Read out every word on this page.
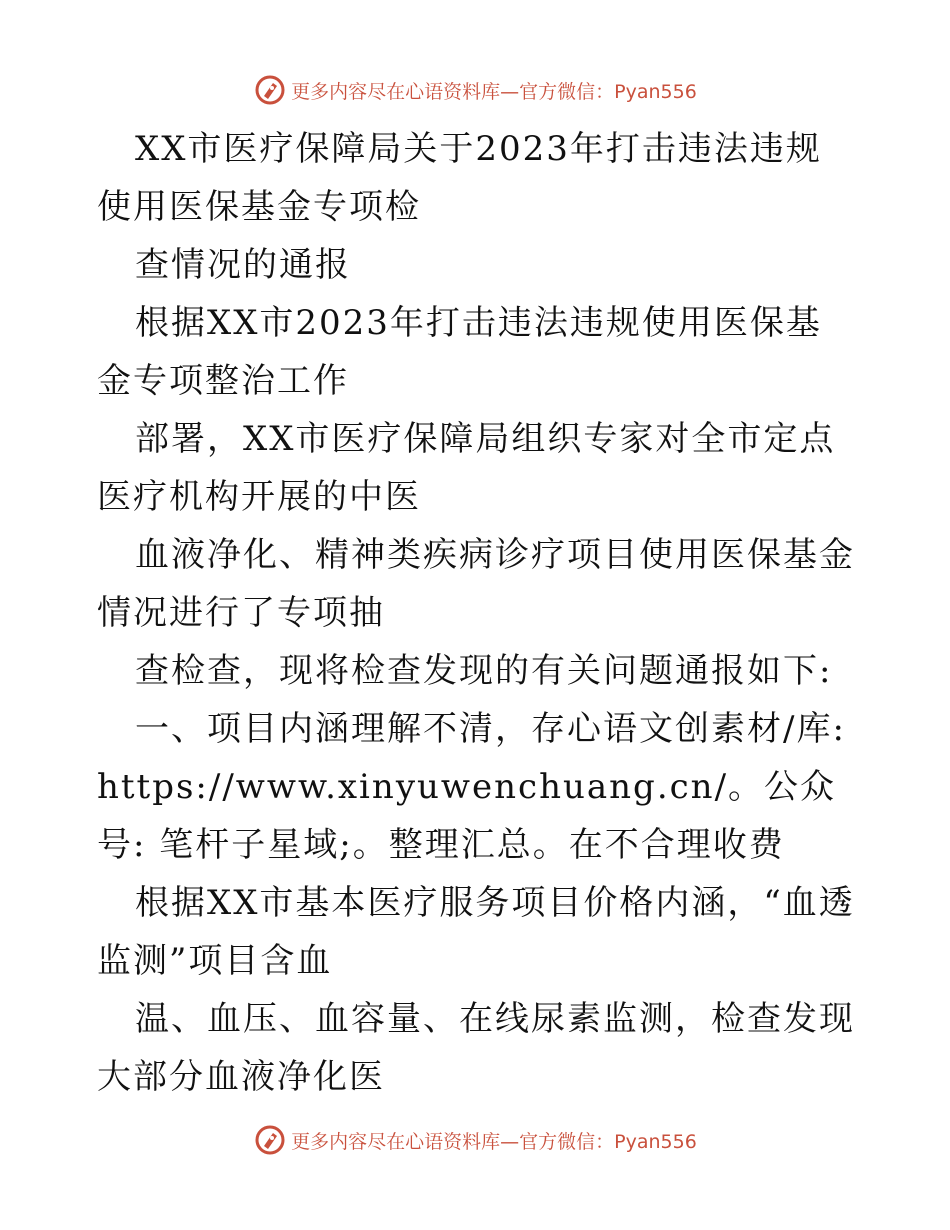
更多内容尽在心语资料库—官方微信：Pyan556

XX市医疗保障局关于2023年打击违法违规使用医保基金专项检

查情况的通报

根据XX市2023年打击违法违规使用医保基金专项整治工作

部署，XX市医疗保障局组织专家对全市定点医疗机构开展的中医

血液净化、精神类疾病诊疗项目使用医保基金情况进行了专项抽

查检查，现将检查发现的有关问题通报如下:

一、项目内涵理解不清，存心语文创素材/库: https://www.xinyuwenchuang.cn/。公众号: 笔杆子星域;。整理汇总。在不合理收费

根据XX市基本医疗服务项目价格内涵，“血透监测”项目含血

温、血压、血容量、在线尿素监测，检查发现大部分血液净化医

更多内容尽在心语资料库—官方微信：Pyan556
